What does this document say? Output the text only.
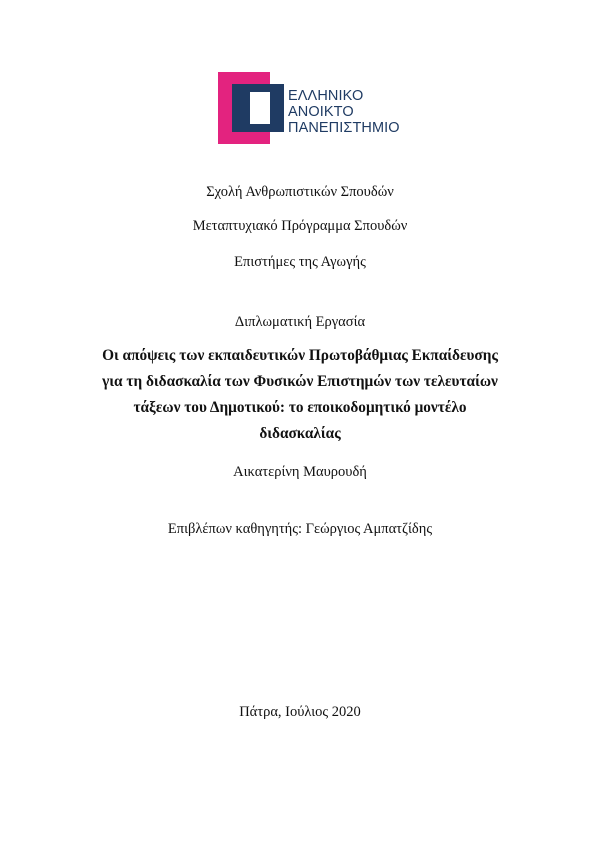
ΕΛΛΗΝΙΚΟ
ΑΝΟΙΚΤΟ
ΠΑΝΕΠΙΣΤΗΜΙΟ
Σχολή Ανθρωπιστικών Σπουδών
Μεταπτυχιακό Πρόγραμμα Σπουδών
Επιστήμες της Αγωγής
Διπλωματική Εργασία
Οι απόψεις των εκπαιδευτικών Πρωτοβάθμιας Εκπαίδευσης
για τη διδασκαλία των Φυσικών Επιστημών των τελευταίων
τάξεων του Δημοτικού: το εποικοδομητικό μοντέλο
διδασκαλίας
Αικατερίνη Μαυρουδή
Επιβλέπων καθηγητής: Γεώργιος Αμπατζίδης
Πάτρα, Ιούλιος 2020
